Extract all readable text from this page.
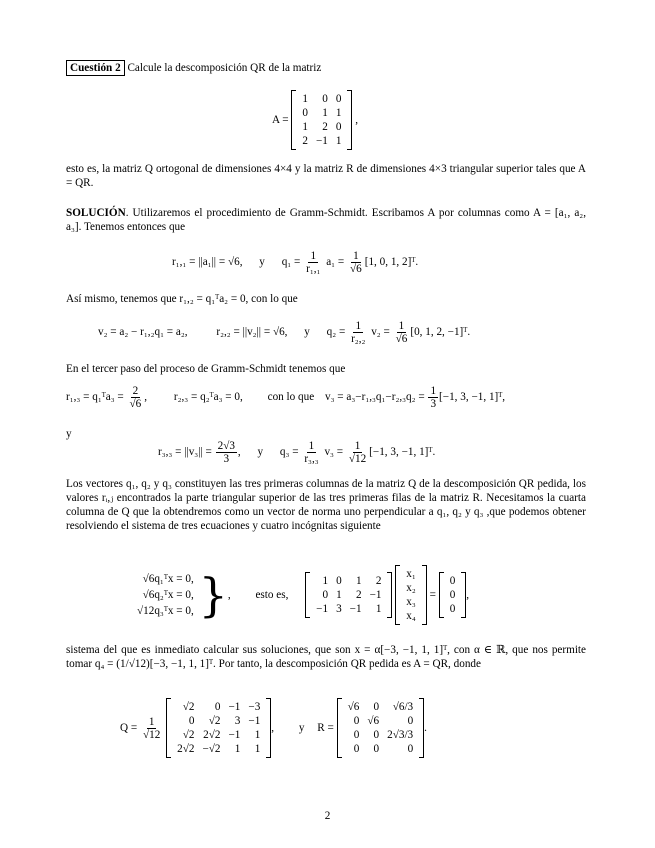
Cuestión 2 Calcule la descomposición QR de la matriz
A =
1	0	0
0	1	1
1	2	0
2	−1	1
,
esto es, la matriz Q ortogonal de dimensiones 4×4 y la matriz R de dimensiones 4×3 triangular superior tales que A = QR.
SOLUCIÓN. Utilizaremos el procedimiento de Gramm-Schmidt. Escribamos A por columnas como A = [a₁, a₂, a₃]. Tenemos entonces que
r₁,₁ = ||a₁|| = √6, y $q_1 = \frac{1}{\text{r₁,₁}} a_1 = \frac{1}{√6} [1$, 0, 1, 2]ᵀ.
Así mismo, tenemos que r₁,₂ = q₁ᵀa₂ = 0, con lo que
v₂ = a₂ − r₁,₂q₁ = a₂,	r₂,₂ = ||v₂|| = √6, y $q_2 = \frac{1}{\text{r₂,₂}} v_2 = \frac{1}{√6} [0$, 1, 2, −1]ᵀ.
En el tercer paso del proceso de Gramm-Schmidt tenemos que
r₁,₃ = q₁ᵀa₃ = $\frac{2}{√6}$ , r₂,₃ = q₂ᵀa₃ = 0, con lo que $v_3 = a_3-r_1,_3q_1-r_2,_3q_2 = \frac{1}{3} [-1$, 3, −1, 1]ᵀ,
y
$r_3,_3 = ||v_3|| = \frac{2√3}{3}$ , y $q_3 = \frac{1}{\text{r₃,₃}} v_3 = \frac{1}{√12} [-1$, 3, −1, 1]ᵀ.
Los vectores q₁, q₂ y q₃ constituyen las tres primeras columnas de la matriz Q de la descomposición QR pedida, los valores rᵢ,ⱼ encontrados la parte triangular superior de las tres primeras filas de la matriz R. Necesitamos la cuarta columna de Q que la obtendremos como un vector de norma uno perpendicular a q₁, q₂ y q₃ ,que podemos obtener resolviendo el sistema de tres ecuaciones y cuatro incógnitas siguiente
√6q₁ᵀx = 0,
√6q₂ᵀx = 0,
√12q₃ᵀx = 0, }, esto es,
1	0	1	2
0	1	2	−1
−1	3	−1	1

x₁
x₂
x₃
x₄
=
0
0
0
,
sistema del que es inmediato calcular sus soluciones, que son x = α[−3, −1, 1, 1]ᵀ, con α ∈ ℝ, que nos permite tomar q₄ = (1/√12)[−3, −1, 1, 1]ᵀ. Por tanto, la descomposición QR pedida es A = QR, donde
$Q = \frac{1}{√12}$

√2	0	−1	−3
0	√2	3	−1
√2	2√2	−1	1
2√2	−√2	1	1
, y R =
√6	0	√6/3
0	√6	0
0	0	2√3/3
0	0	0
.
2
